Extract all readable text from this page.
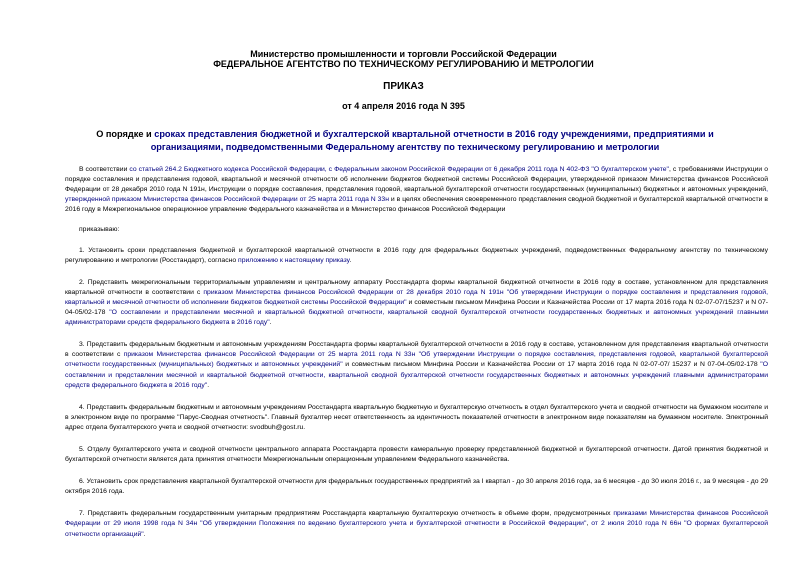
Министерство промышленности и торговли Российской Федерации
ФЕДЕРАЛЬНОЕ АГЕНТСТВО ПО ТЕХНИЧЕСКОМУ РЕГУЛИРОВАНИЮ И МЕТРОЛОГИИ
ПРИКАЗ
от 4 апреля 2016 года N 395
О порядке и сроках представления бюджетной и бухгалтерской квартальной отчетности в 2016 году учреждениями, предприятиями и организациями, подведомственными Федеральному агентству по техническому регулированию и метрологии

В соответствии со статьей 264.2 Бюджетного кодекса Российской Федерации, с Федеральным законом Российской Федерации от 6 декабря 2011 года N 402-ФЗ "О бухгалтерском учете", с требованиями Инструкции о порядке составления и представления годовой, квартальной и месячной отчетности об исполнении бюджетов бюджетной системы Российской Федерации, утвержденной приказом Министерства финансов Российской Федерации от 28 декабря 2010 года N 191н, Инструкции о порядке составления, представления годовой, квартальной бухгалтерской отчетности государственных (муниципальных) бюджетных и автономных учреждений, утвержденной приказом Министерства финансов Российской Федерации от 25 марта 2011 года N 33н и в целях обеспечения своевременного представления сводной бюджетной и бухгалтерской квартальной отчетности в 2016 году в Межрегиональное операционное управление Федерального казначейства и в Министерство финансов Российской Федерации

приказываю:

1. Установить сроки представления бюджетной и бухгалтерской квартальной отчетности в 2016 году для федеральных бюджетных учреждений, подведомственных Федеральному агентству по техническому регулированию и метрологии (Росстандарт), согласно приложению к настоящему приказу.

2. Представить межрегиональным территориальным управлениям и центральному аппарату Росстандарта формы квартальной бюджетной отчетности в 2016 году в составе, установленном для представления квартальной отчетности в соответствии с приказом Министерства финансов Российской Федерации от 28 декабря 2010 года N 191н "Об утверждении Инструкции о порядке составления и представления годовой, квартальной и месячной отчетности об исполнении бюджетов бюджетной системы Российской Федерации" и совместным письмом Минфина России и Казначейства России от 17 марта 2016 года N 02-07-07/15237 и N 07-04-05/02-178 "О составлении и представлении месячной и квартальной бюджетной отчетности, квартальной сводной бухгалтерской отчетности государственных бюджетных и автономных учреждений главными администраторами средств федерального бюджета в 2016 году".

3. Представить федеральным бюджетным и автономным учреждениям Росстандарта формы квартальной бухгалтерской отчетности в 2016 году в составе, установленном для представления квартальной отчетности в соответствии с приказом Министерства финансов Российской Федерации от 25 марта 2011 года N 33н "Об утверждении Инструкции о порядке составления, представления годовой, квартальной бухгалтерской отчетности государственных (муниципальных) бюджетных и автономных учреждений" и совместным письмом Минфина России и Казначейства России от 17 марта 2016 года N 02-07-07/ 15237 и N 07-04-05/02-178 "О составлении и представлении месячной и квартальной бюджетной отчетности, квартальной сводной бухгалтерской отчетности государственных бюджетных и автономных учреждений главными администраторами средств федерального бюджета в 2016 году".

4. Представить федеральным бюджетным и автономным учреждениям Росстандарта квартальную бюджетную и бухгалтерскую отчетность в отдел бухгалтерского учета и сводной отчетности на бумажном носителе и в электронном виде по программе "Парус-Сводная отчетность". Главный бухгалтер несет ответственность за идентичность показателей отчетности в электронном виде показателям на бумажном носителе. Электронный адрес отдела бухгалтерского учета и сводной отчетности: svodbuh@gost.ru.

5. Отделу бухгалтерского учета и сводной отчетности центрального аппарата Росстандарта провести камеральную проверку представленной бюджетной и бухгалтерской отчетности. Датой принятия бюджетной и бухгалтерской отчетности является дата принятия отчетности Межрегиональным операционным управлением Федерального казначейства.

6. Установить срок представления квартальной бухгалтерской отчетности для федеральных государственных предприятий за I квартал - до 30 апреля 2016 года, за 6 месяцев - до 30 июля 2016 г., за 9 месяцев - до 29 октября 2016 года.

7. Представить федеральным государственным унитарным предприятиям Росстандарта квартальную бухгалтерскую отчетность в объеме форм, предусмотренных приказами Министерства финансов Российской Федерации от 29 июля 1998 года N 34н "Об утверждении Положения по ведению бухгалтерского учета и бухгалтерской отчетности в Российской Федерации", от 2 июля 2010 года N 66н "О формах бухгалтерской отчетности организаций".
